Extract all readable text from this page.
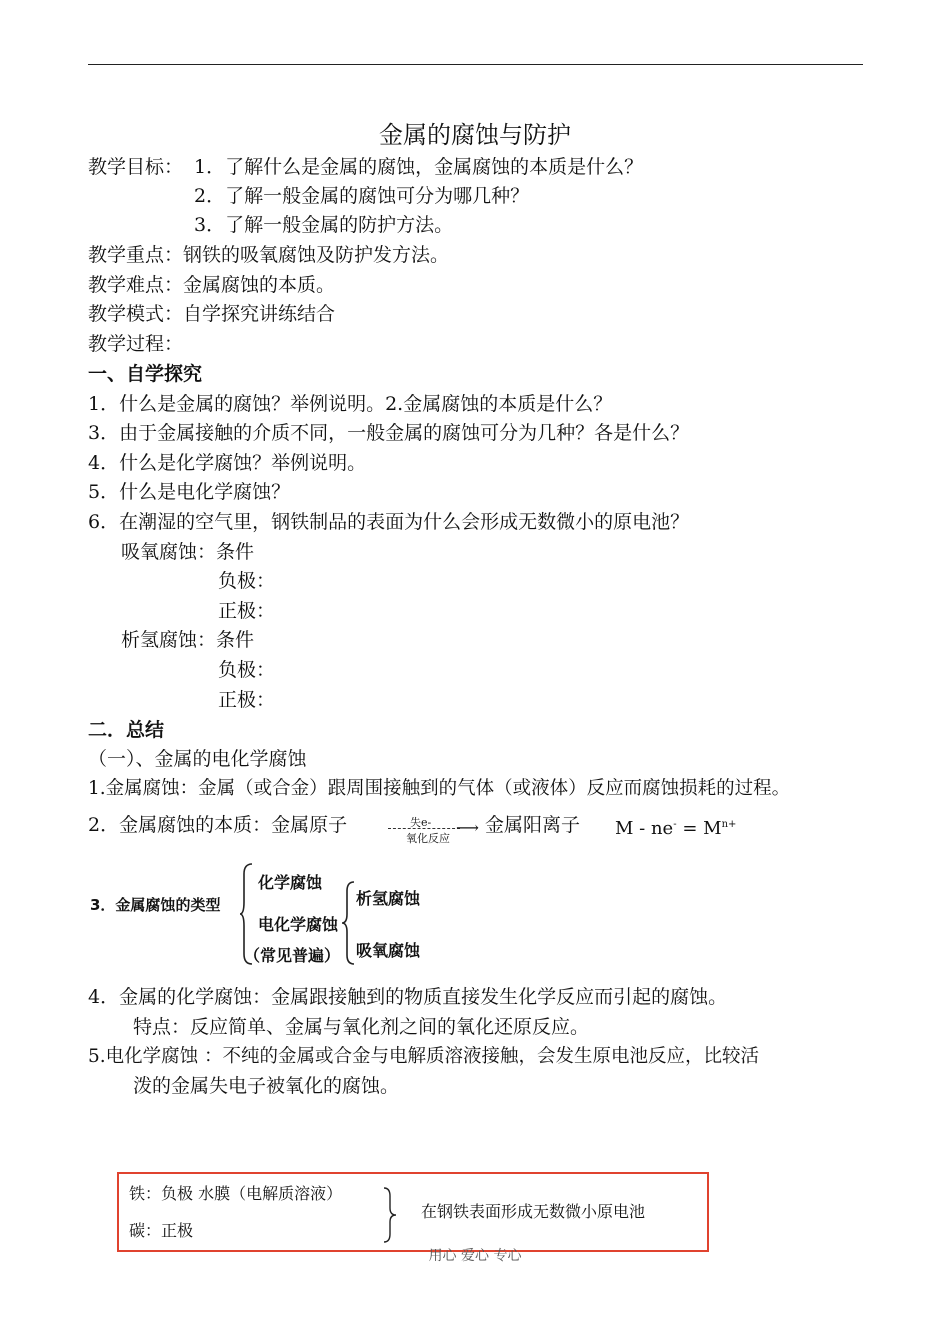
金属的腐蚀与防护
教学目标： 1．了解什么是金属的腐蚀，金属腐蚀的本质是什么？
2．了解一般金属的腐蚀可分为哪几种？
3．了解一般金属的防护方法。
教学重点：钢铁的吸氧腐蚀及防护发方法。
教学难点：金属腐蚀的本质。
教学模式：自学探究讲练结合
教学过程：
一、自学探究
1．什么是金属的腐蚀？举例说明。2.金属腐蚀的本质是什么？
3．由于金属接触的介质不同，一般金属的腐蚀可分为几种？各是什么？
4．什么是化学腐蚀？举例说明。
5．什么是电化学腐蚀？
6．在潮湿的空气里，钢铁制品的表面为什么会形成无数微小的原电池？
吸氧腐蚀：条件
负极：
正极：
析氢腐蚀：条件
负极：
正极：
二．总结
（一）、金属的电化学腐蚀
1.金属腐蚀：金属（或合金）跟周围接触到的气体（或液体）反应而腐蚀损耗的过程。
2．金属腐蚀的本质：金属原子	失e- ⟶
氧化反应
金属阳离子 $M - ne^- = M^{n+}$
3．金属腐蚀的类型
化学腐蚀
电化学腐蚀
（常见普遍）
析氢腐蚀
吸氧腐蚀
4．金属的化学腐蚀：金属跟接触到的物质直接发生化学反应而引起的腐蚀。
特点：反应简单、金属与氧化剂之间的氧化还原反应。
5.电化学腐蚀 ：不纯的金属或合金与电解质溶液接触，会发生原电池反应，比较活
泼的金属失电子被氧化的腐蚀。
铁：负极 水膜（电解质溶液）
碳：正极
在钢铁表面形成无数微小原电池
用心 爱心 专心
